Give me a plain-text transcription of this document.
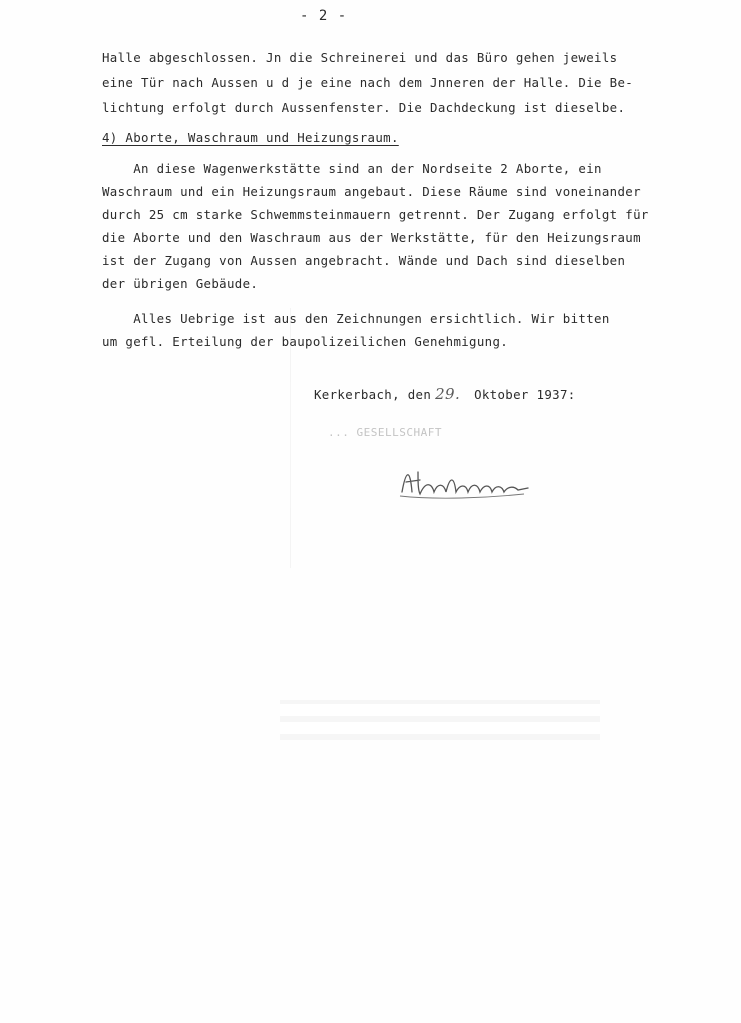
- 2 -
Halle abgeschlossen. Jn die Schreinerei und das Büro gehen jeweils
eine Tür nach Aussen u d je eine nach dem Jnneren der Halle. Die Be-
lichtung erfolgt durch Aussenfenster. Die Dachdeckung ist dieselbe.
4) Aborte, Waschraum und Heizungsraum.
An diese Wagenwerkstätte sind an der Nordseite 2 Aborte, ein
Waschraum und ein Heizungsraum angebaut. Diese Räume sind voneinander
durch 25 cm starke Schwemmsteinmauern getrennt. Der Zugang erfolgt für
die Aborte und den Waschraum aus der Werkstätte, für den Heizungsraum
ist der Zugang von Aussen angebracht. Wände und Dach sind dieselben
der übrigen Gebäude.
Alles Uebrige ist aus den Zeichnungen ersichtlich. Wir bitten
um gefl. Erteilung der baupolizeilichen Genehmigung.
Kerkerbach, den 29. Oktober 1937:
... GESELLSCHAFT
